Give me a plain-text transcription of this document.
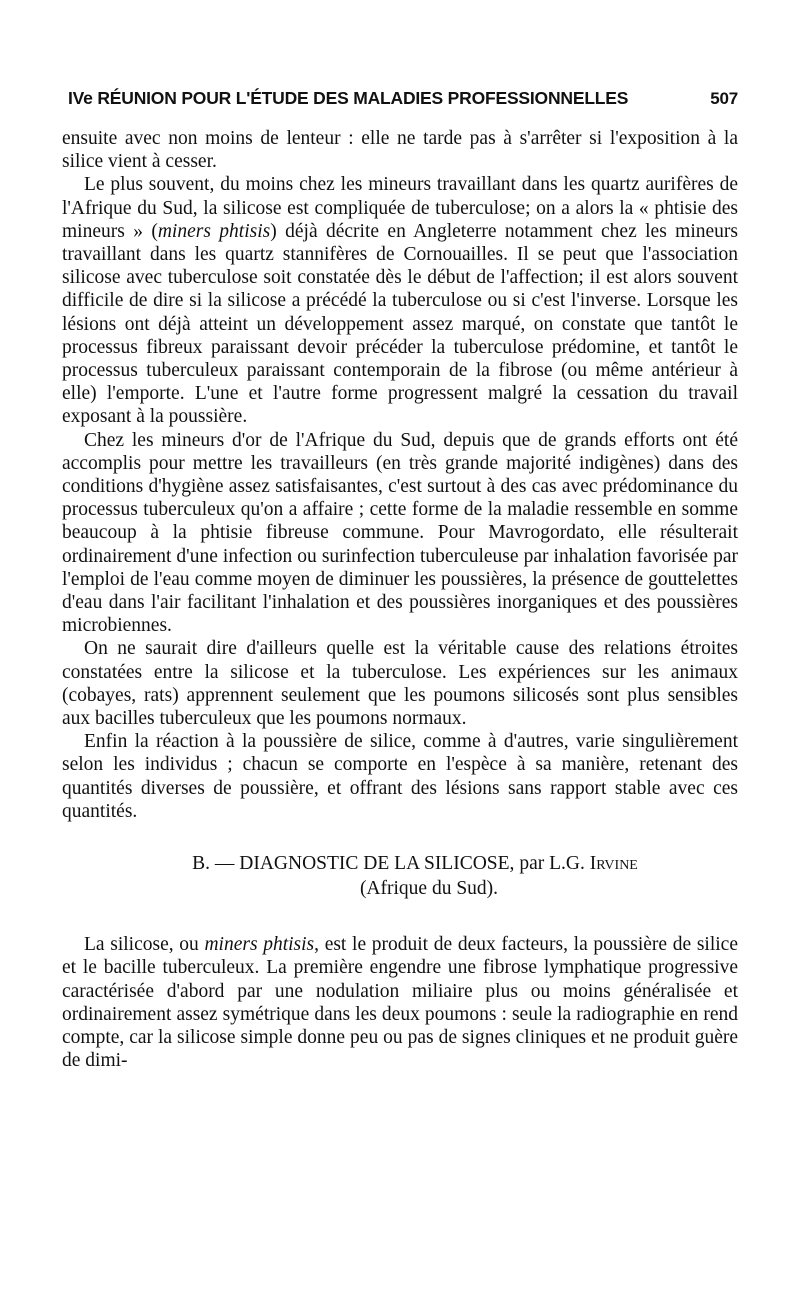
IVe RÉUNION POUR L'ÉTUDE DES MALADIES PROFESSIONNELLES	507

ensuite avec non moins de lenteur : elle ne tarde pas à s'arrêter si l'exposition à la silice vient à cesser.

Le plus souvent, du moins chez les mineurs travaillant dans les quartz aurifères de l'Afrique du Sud, la silicose est compliquée de tuberculose; on a alors la « phtisie des mineurs » (miners phtisis) déjà décrite en Angleterre notamment chez les mineurs travaillant dans les quartz stannifères de Cornouailles. Il se peut que l'association silicose avec tuberculose soit constatée dès le début de l'affection; il est alors souvent difficile de dire si la silicose a précédé la tuberculose ou si c'est l'inverse. Lorsque les lésions ont déjà atteint un développement assez marqué, on constate que tantôt le processus fibreux paraissant devoir précéder la tuberculose prédomine, et tantôt le processus tuberculeux paraissant contemporain de la fibrose (ou même antérieur à elle) l'emporte. L'une et l'autre forme progressent malgré la cessation du travail exposant à la poussière.

Chez les mineurs d'or de l'Afrique du Sud, depuis que de grands efforts ont été accomplis pour mettre les travailleurs (en très grande majorité indigènes) dans des conditions d'hygiène assez satisfaisantes, c'est surtout à des cas avec prédominance du processus tuberculeux qu'on a affaire ; cette forme de la maladie ressemble en somme beaucoup à la phtisie fibreuse commune. Pour Mavrogordato, elle résulterait ordinairement d'une infection ou surinfection tuberculeuse par inhalation favorisée par l'emploi de l'eau comme moyen de diminuer les poussières, la présence de gouttelettes d'eau dans l'air facilitant l'inhalation et des poussières inorganiques et des poussières microbiennes.

On ne saurait dire d'ailleurs quelle est la véritable cause des relations étroites constatées entre la silicose et la tuberculose. Les expériences sur les animaux (cobayes, rats) apprennent seulement que les poumons silicosés sont plus sensibles aux bacilles tuberculeux que les poumons normaux.

Enfin la réaction à la poussière de silice, comme à d'autres, varie singulièrement selon les individus ; chacun se comporte en l'espèce à sa manière, retenant des quantités diverses de poussière, et offrant des lésions sans rapport stable avec ces quantités.

B. — DIAGNOSTIC DE LA SILICOSE, par L.G. Irvine
(Afrique du Sud).

La silicose, ou miners phtisis, est le produit de deux facteurs, la poussière de silice et le bacille tuberculeux. La première engendre une fibrose lymphatique progressive caractérisée d'abord par une nodulation miliaire plus ou moins généralisée et ordinairement assez symétrique dans les deux poumons : seule la radiographie en rend compte, car la silicose simple donne peu ou pas de signes cliniques et ne produit guère de dimi-
